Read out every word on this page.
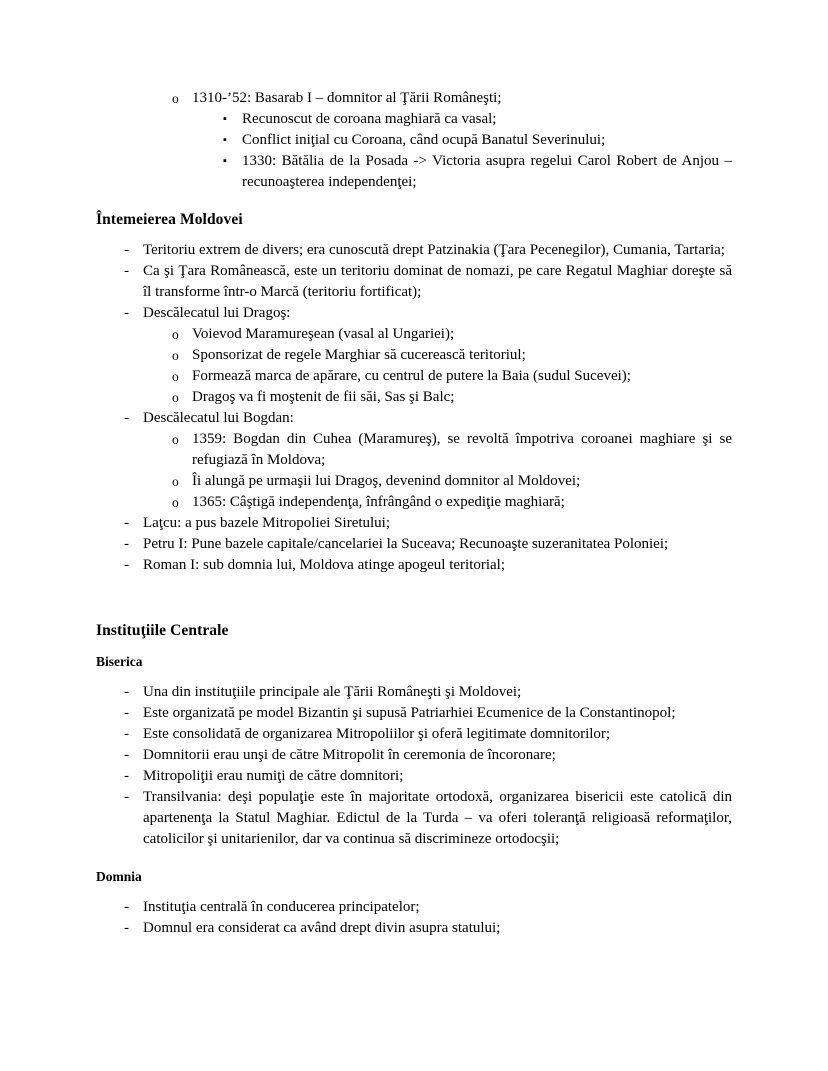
o 1310-’52: Basarab I – domnitor al Ţării Româneşti;
▪ Recunoscut de coroana maghiară ca vasal;
▪ Conflict iniţial cu Coroana, când ocupă Banatul Severinului;
▪ 1330: Bătălia de la Posada -> Victoria asupra regelui Carol Robert de Anjou – recunoaşterea independenţei;
Întemeierea Moldovei
- Teritoriu extrem de divers; era cunoscută drept Patzinakia (Ţara Pecenegilor), Cumania, Tartaria;
- Ca şi Ţara Românească, este un teritoriu dominat de nomazi, pe care Regatul Maghiar doreşte să îl transforme într-o Marcă (teritoriu fortificat);
- Descălecatul lui Dragoş:
o Voievod Maramureşean (vasal al Ungariei);
o Sponsorizat de regele Marghiar să cucerească teritoriul;
o Formează marca de apărare, cu centrul de putere la Baia (sudul Sucevei);
o Dragoş va fi moştenit de fii săi, Sas şi Balc;
- Descălecatul lui Bogdan:
o 1359: Bogdan din Cuhea (Maramureş), se revoltă împotriva coroanei maghiare şi se refugiază în Moldova;
o Îi alungă pe urmaşii lui Dragoş, devenind domnitor al Moldovei;
o 1365: Câştigă independenţa, înfrângând o expediţie maghiară;
- Laţcu: a pus bazele Mitropoliei Siretului;
- Petru I: Pune bazele capitale/cancelariei la Suceava; Recunoaşte suzeranitatea Poloniei;
- Roman I: sub domnia lui, Moldova atinge apogeul teritorial;
Instituţiile Centrale
Biserica
- Una din instituţiile principale ale Ţării Româneşti şi Moldovei;
- Este organizată pe model Bizantin şi supusă Patriarhiei Ecumenice de la Constantinopol;
- Este consolidată de organizarea Mitropoliilor şi oferă legitimate domnitorilor;
- Domnitorii erau unşi de către Mitropolit în ceremonia de încoronare;
- Mitropoliţii erau numiţi de către domnitori;
- Transilvania: deşi populaţie este în majoritate ortodoxă, organizarea bisericii este catolică din apartenenţa la Statul Maghiar. Edictul de la Turda – va oferi toleranţă religioasă reformaţilor, catolicilor şi unitarienilor, dar va continua să discrimineze ortodocşii;
Domnia
- Instituţia centrală în conducerea principatelor;
- Domnul era considerat ca având drept divin asupra statului;
